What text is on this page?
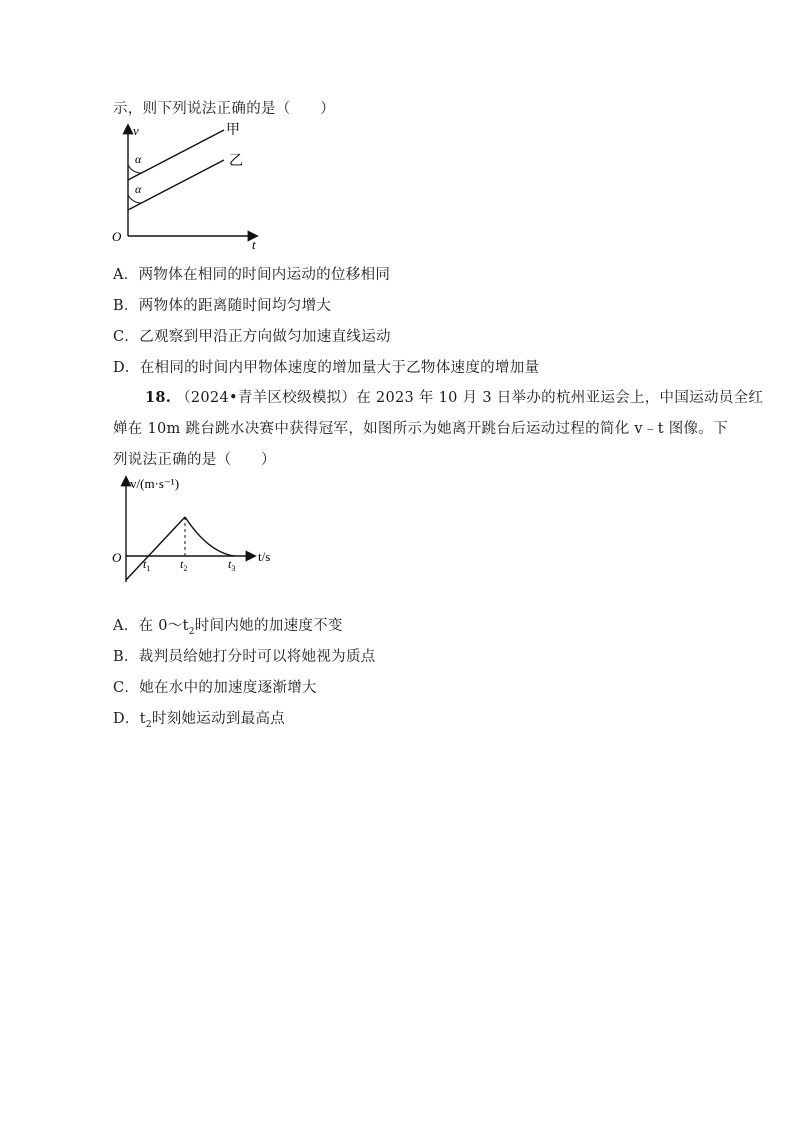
示，则下列说法正确的是（　　）
α
α
v
t
O
甲
乙
A．两物体在相同的时间内运动的位移相同
B．两物体的距离随时间均匀增大
C．乙观察到甲沿正方向做匀加速直线运动
D．在相同的时间内甲物体速度的增加量大于乙物体速度的增加量
18. （2024•青羊区校级模拟）在 2023 年 10 月 3 日举办的杭州亚运会上，中国运动员全红
婵在 10m 跳台跳水决赛中获得冠军，如图所示为她离开跳台后运动过程的简化 v﹣t 图像。下
列说法正确的是（　　）
v/(m·s⁻¹)
t/s
O $t_1$ $t_2$	$t_3$
A．在 $0\sim t_2$时间内她的加速度不变
B．裁判员给她打分时可以将她视为质点
C．她在水中的加速度逐渐增大
D．$t_2$时刻她运动到最高点
